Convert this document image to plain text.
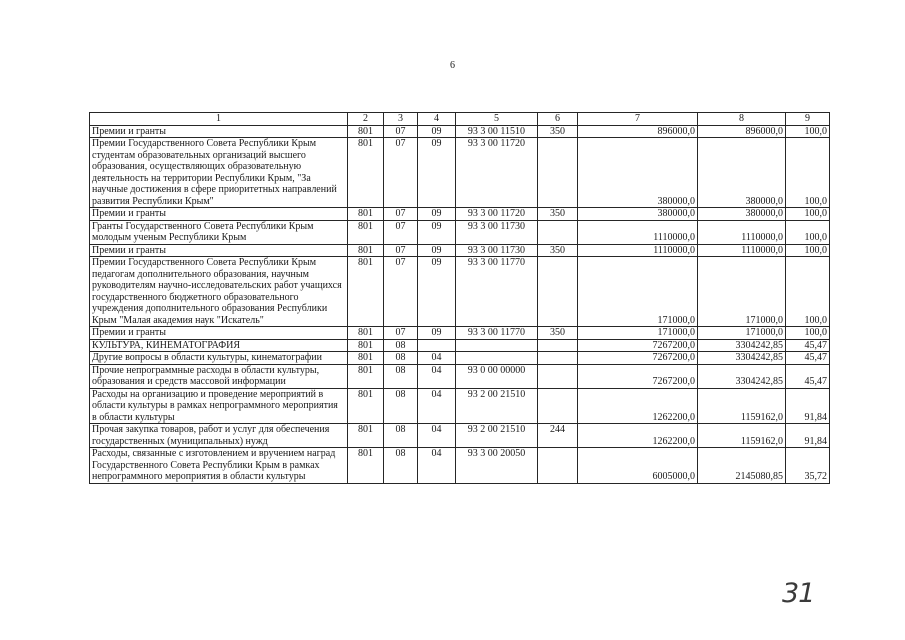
6
1	2	3	4	5	6	7	8	9
Премии и гранты	801	07	09	93 3 00 11510	350	896000,0	896000,0	100,0
Премии Государственного Совета Республики Крым студентам образовательных организаций высшего образования, осуществляющих образовательную деятельность на территории Республики Крым, "За научные достижения в сфере приоритетных направлений развития Республики Крым"	801	07	09	93 3 00 11720		380000,0	380000,0	100,0
Премии и гранты	801	07	09	93 3 00 11720	350	380000,0	380000,0	100,0
Гранты Государственного Совета Республики Крым молодым ученым Республики Крым	801	07	09	93 3 00 11730		1110000,0	1110000,0	100,0
Премии и гранты	801	07	09	93 3 00 11730	350	1110000,0	1110000,0	100,0
Премии Государственного Совета Республики Крым педагогам дополнительного образования, научным руководителям научно-исследовательских работ учащихся государственного бюджетного образовательного учреждения дополнительного образования Республики Крым "Малая академия наук "Искатель"	801	07	09	93 3 00 11770		171000,0	171000,0	100,0
Премии и гранты	801	07	09	93 3 00 11770	350	171000,0	171000,0	100,0
КУЛЬТУРА, КИНЕМАТОГРАФИЯ	801	08				7267200,0	3304242,85	45,47
Другие вопросы в области культуры, кинематографии	801	08	04			7267200,0	3304242,85	45,47
Прочие непрограммные расходы в области культуры, образования и средств массовой информации	801	08	04	93 0 00 00000		7267200,0	3304242,85	45,47
Расходы на организацию и проведение мероприятий в области культуры в рамках непрограммного мероприятия в области культуры	801	08	04	93 2 00 21510		1262200,0	1159162,0	91,84
Прочая закупка товаров, работ и услуг для обеспечения государственных (муниципальных) нужд	801	08	04	93 2 00 21510	244	1262200,0	1159162,0	91,84
Расходы, связанные с изготовлением и вручением наград Государственного Совета Республики Крым в рамках непрограммного мероприятия в области культуры	801	08	04	93 3 00 20050		6005000,0	2145080,85	35,72
31
